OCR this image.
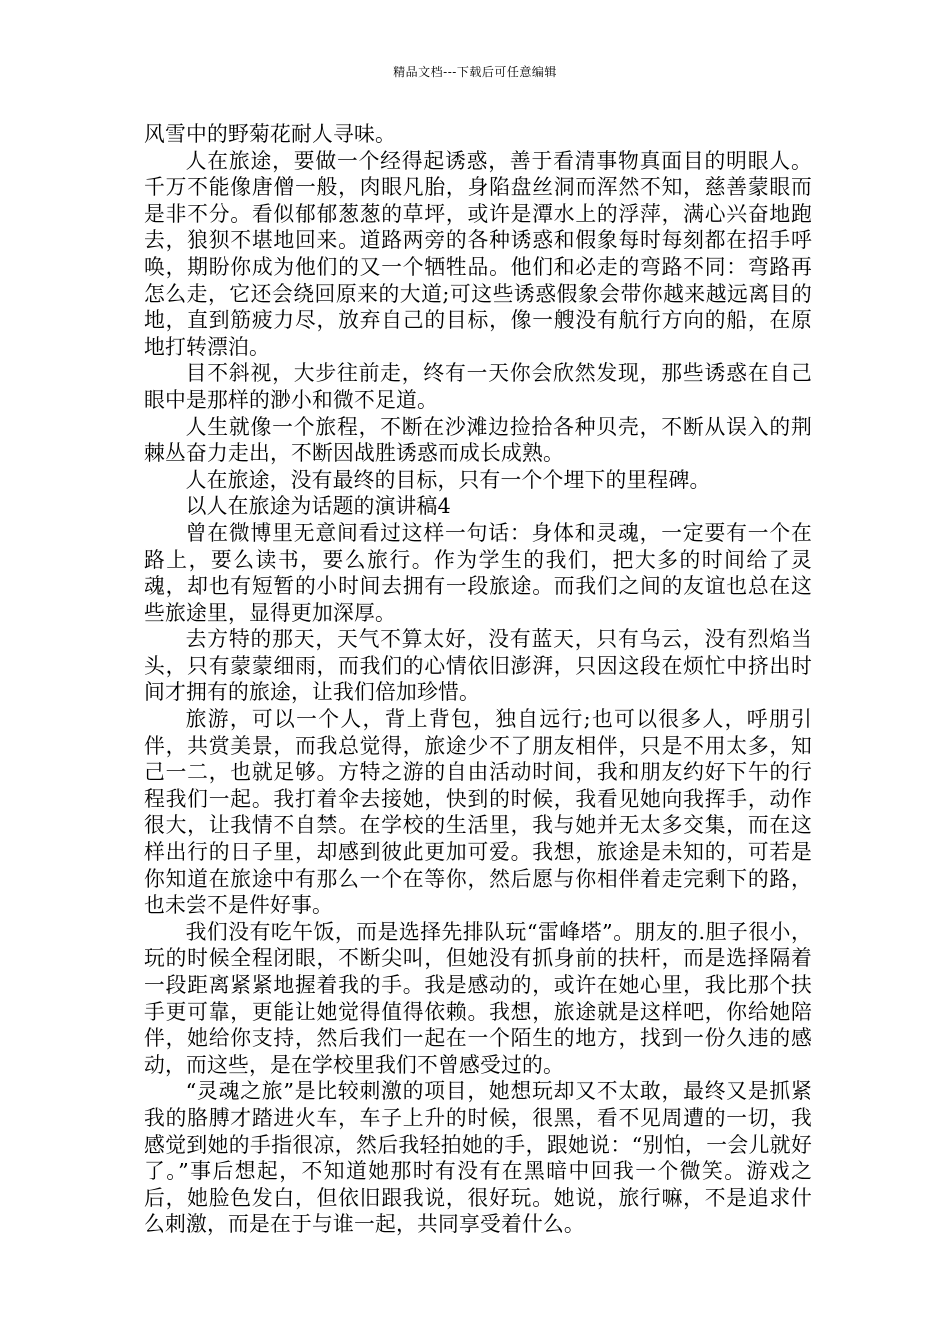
精品文档---下载后可任意编辑

风雪中的野菊花耐人寻味。

人在旅途，要做一个经得起诱惑，善于看清事物真面目的明眼人。千万不能像唐僧一般，肉眼凡胎，身陷盘丝洞而浑然不知，慈善蒙眼而是非不分。看似郁郁葱葱的草坪，或许是潭水上的浮萍，满心兴奋地跑去，狼狈不堪地回来。道路两旁的各种诱惑和假象每时每刻都在招手呼唤，期盼你成为他们的又一个牺牲品。他们和必走的弯路不同：弯路再怎么走，它还会绕回原来的大道;可这些诱惑假象会带你越来越远离目的地，直到筋疲力尽，放弃自己的目标，像一艘没有航行方向的船，在原地打转漂泊。

目不斜视，大步往前走，终有一天你会欣然发现，那些诱惑在自己眼中是那样的渺小和微不足道。

人生就像一个旅程，不断在沙滩边捡拾各种贝壳，不断从误入的荆棘丛奋力走出，不断因战胜诱惑而成长成熟。

人在旅途，没有最终的目标，只有一个个埋下的里程碑。

以人在旅途为话题的演讲稿4

曾在微博里无意间看过这样一句话：身体和灵魂，一定要有一个在路上，要么读书，要么旅行。作为学生的我们，把大多的时间给了灵魂，却也有短暂的小时间去拥有一段旅途。而我们之间的友谊也总在这些旅途里，显得更加深厚。

去方特的那天，天气不算太好，没有蓝天，只有乌云，没有烈焰当头，只有蒙蒙细雨，而我们的心情依旧澎湃，只因这段在烦忙中挤出时间才拥有的旅途，让我们倍加珍惜。

旅游，可以一个人，背上背包，独自远行;也可以很多人，呼朋引伴，共赏美景，而我总觉得，旅途少不了朋友相伴，只是不用太多，知己一二，也就足够。方特之游的自由活动时间，我和朋友约好下午的行程我们一起。我打着伞去接她，快到的时候，我看见她向我挥手，动作很大，让我情不自禁。在学校的生活里，我与她并无太多交集，而在这样出行的日子里，却感到彼此更加可爱。我想，旅途是未知的，可若是你知道在旅途中有那么一个在等你，然后愿与你相伴着走完剩下的路，也未尝不是件好事。

我们没有吃午饭，而是选择先排队玩“雷峰塔”。朋友的.胆子很小，玩的时候全程闭眼，不断尖叫，但她没有抓身前的扶杆，而是选择隔着一段距离紧紧地握着我的手。我是感动的，或许在她心里，我比那个扶手更可靠，更能让她觉得值得依赖。我想，旅途就是这样吧，你给她陪伴，她给你支持，然后我们一起在一个陌生的地方，找到一份久违的感动，而这些，是在学校里我们不曾感受过的。

“灵魂之旅”是比较刺激的项目，她想玩却又不太敢，最终又是抓紧我的胳膊才踏进火车，车子上升的时候，很黑，看不见周遭的一切，我感觉到她的手指很凉，然后我轻拍她的手，跟她说：“别怕，一会儿就好了。”事后想起，不知道她那时有没有在黑暗中回我一个微笑。游戏之后，她脸色发白，但依旧跟我说，很好玩。她说，旅行嘛，不是追求什么刺激，而是在于与谁一起，共同享受着什么。
